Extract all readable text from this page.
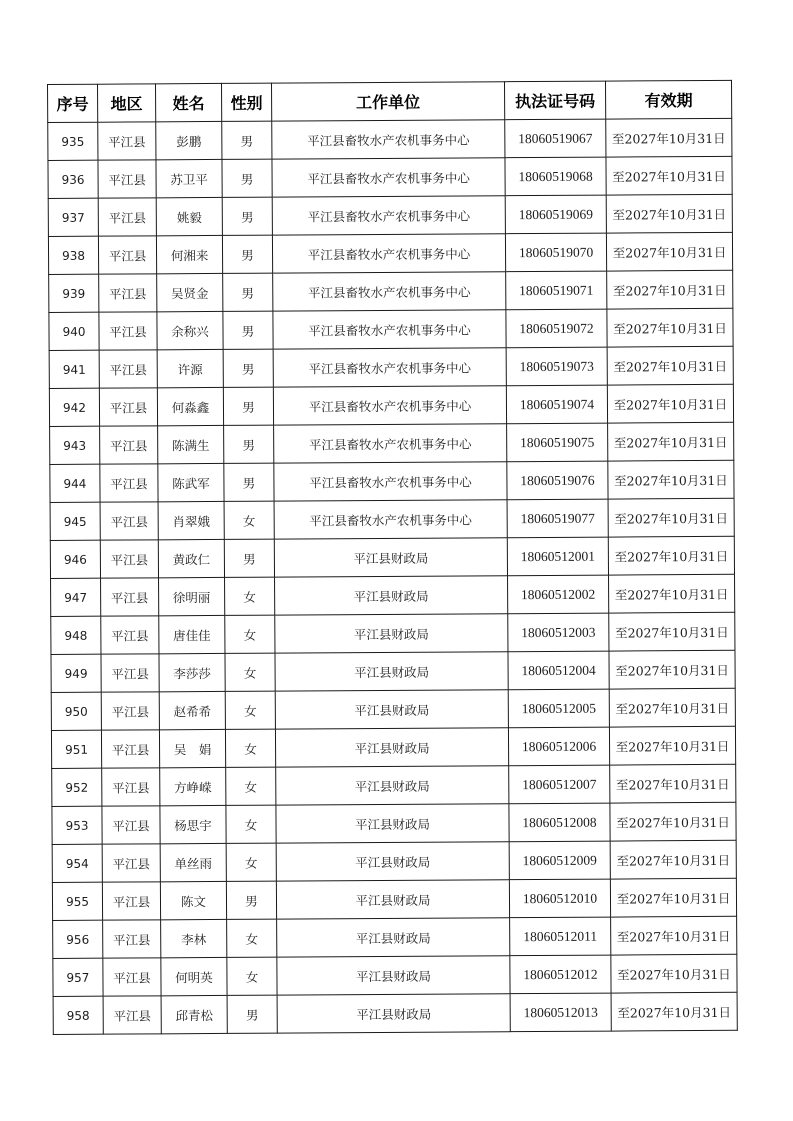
序号	地区	姓名	性别	工作单位	执法证号码	有效期
935	平江县	彭鹏	男	平江县畜牧水产农机事务中心	18060519067	至2027年10月31日
936	平江县	苏卫平	男	平江县畜牧水产农机事务中心	18060519068	至2027年10月31日
937	平江县	姚毅	男	平江县畜牧水产农机事务中心	18060519069	至2027年10月31日
938	平江县	何湘来	男	平江县畜牧水产农机事务中心	18060519070	至2027年10月31日
939	平江县	吴贤金	男	平江县畜牧水产农机事务中心	18060519071	至2027年10月31日
940	平江县	余称兴	男	平江县畜牧水产农机事务中心	18060519072	至2027年10月31日
941	平江县	许源	男	平江县畜牧水产农机事务中心	18060519073	至2027年10月31日
942	平江县	何淼鑫	男	平江县畜牧水产农机事务中心	18060519074	至2027年10月31日
943	平江县	陈满生	男	平江县畜牧水产农机事务中心	18060519075	至2027年10月31日
944	平江县	陈武军	男	平江县畜牧水产农机事务中心	18060519076	至2027年10月31日
945	平江县	肖翠娥	女	平江县畜牧水产农机事务中心	18060519077	至2027年10月31日
946	平江县	黄政仁	男	平江县财政局	18060512001	至2027年10月31日
947	平江县	徐明丽	女	平江县财政局	18060512002	至2027年10月31日
948	平江县	唐佳佳	女	平江县财政局	18060512003	至2027年10月31日
949	平江县	李莎莎	女	平江县财政局	18060512004	至2027年10月31日
950	平江县	赵希希	女	平江县财政局	18060512005	至2027年10月31日
951	平江县	吴　娟	女	平江县财政局	18060512006	至2027年10月31日
952	平江县	方峥嵘	女	平江县财政局	18060512007	至2027年10月31日
953	平江县	杨思宇	女	平江县财政局	18060512008	至2027年10月31日
954	平江县	单丝雨	女	平江县财政局	18060512009	至2027年10月31日
955	平江县	陈文	男	平江县财政局	18060512010	至2027年10月31日
956	平江县	李林	女	平江县财政局	18060512011	至2027年10月31日
957	平江县	何明英	女	平江县财政局	18060512012	至2027年10月31日
958	平江县	邱青松	男	平江县财政局	18060512013	至2027年10月31日
